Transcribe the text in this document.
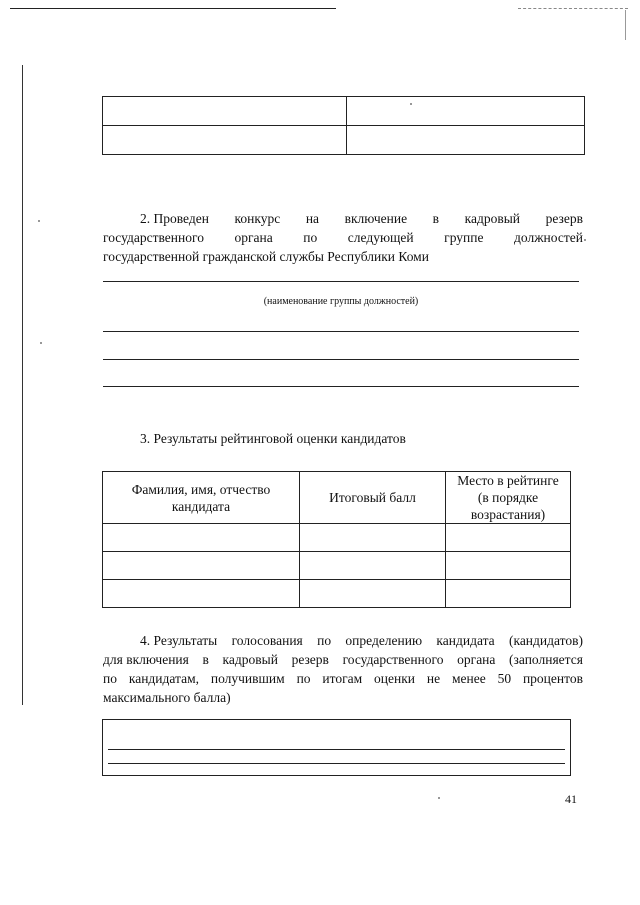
2. Проведен конкурс на включение в кадровый резерв
государственного органа по следующей группе должностей
государственной гражданской службы Республики Коми
(наименование группы должностей)
3. Результаты рейтинговой оценки кандидатов
Фамилия, имя, отчество кандидата	Итоговый балл	Место в рейтинге (в порядке возрастания)

4. Результаты голосования по определению кандидата (кандидатов)
для включения в кадровый резерв государственного органа (заполняется
по кандидатам, получившим по итогам оценки не менее 50 процентов
максимального балла)
41
